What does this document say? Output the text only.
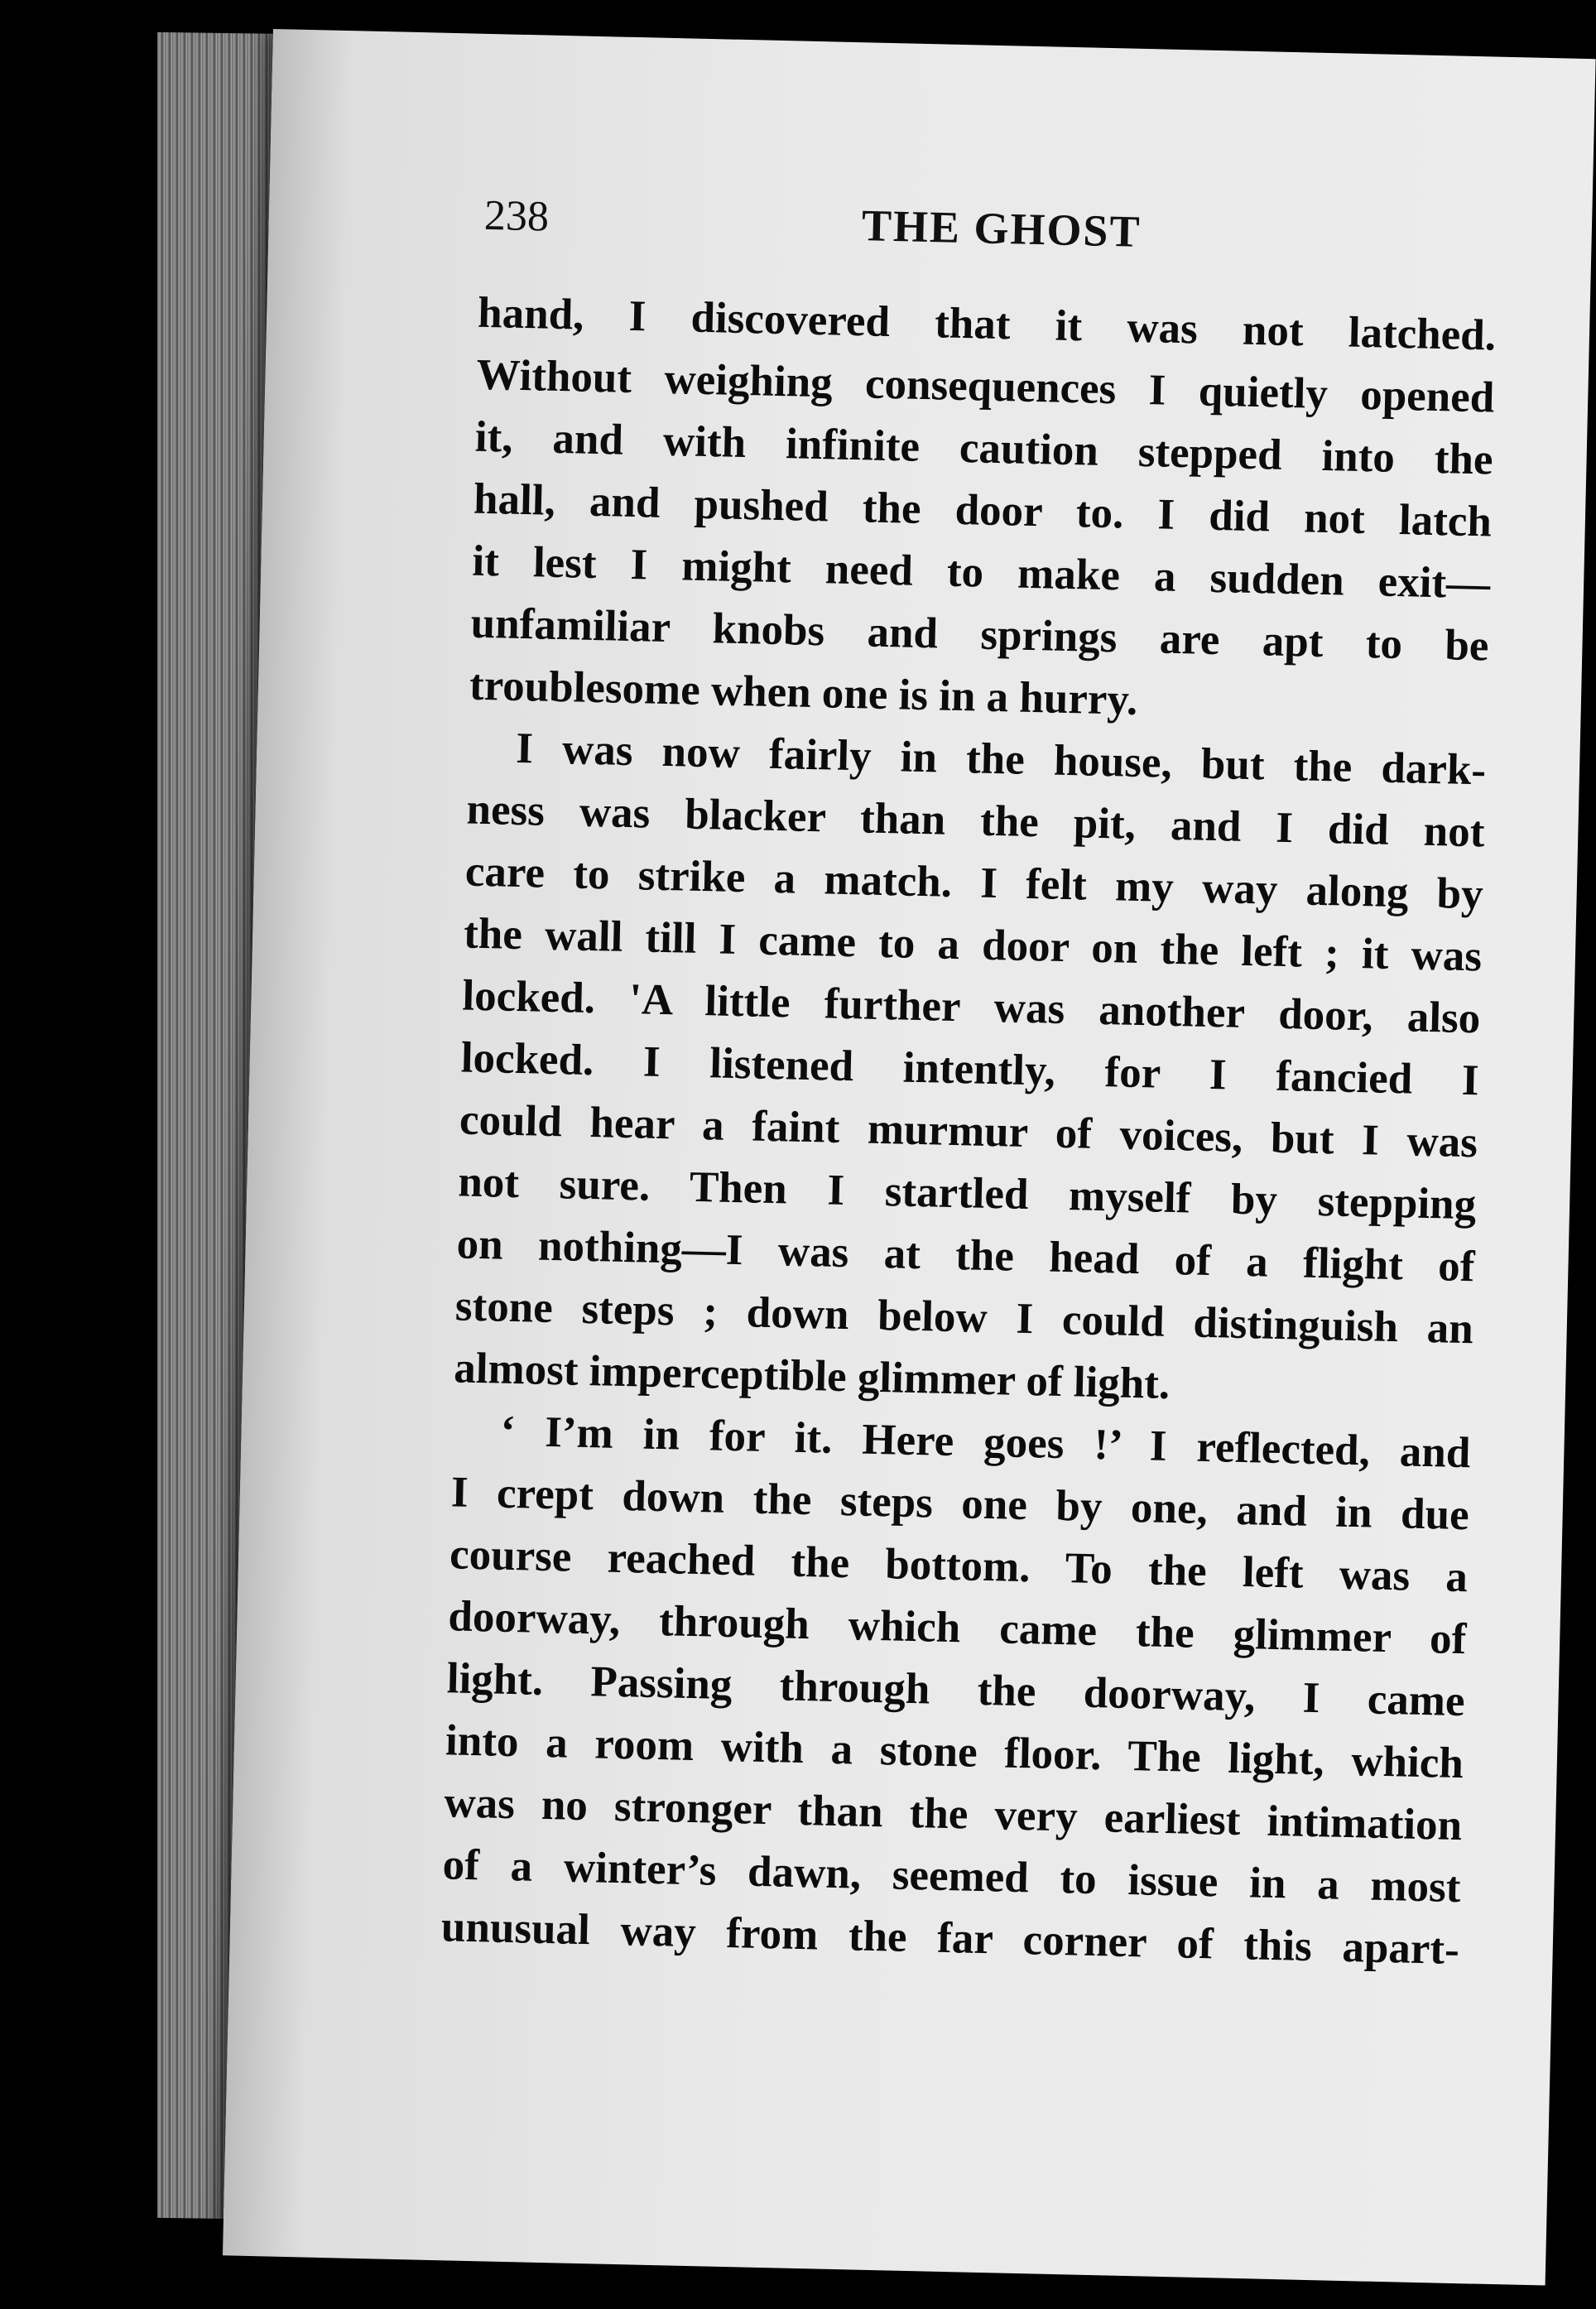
238	THE GHOST
hand, I discovered that it was not latched.
Without weighing consequences I quietly opened
it, and with infinite caution stepped into the
hall, and pushed the door to. I did not latch
it lest I might need to make a sudden exit—
unfamiliar knobs and springs are apt to be
troublesome when one is in a hurry.
I was now fairly in the house, but the dark-
ness was blacker than the pit, and I did not
care to strike a match. I felt my way along by
the wall till I came to a door on the left ; it was
locked. 'A little further was another door, also
locked. I listened intently, for I fancied I
could hear a faint murmur of voices, but I was
not sure. Then I startled myself by stepping
on nothing—I was at the head of a flight of
stone steps ; down below I could distinguish an
almost imperceptible glimmer of light.
‘ I’m in for it. Here goes !’ I reflected, and
I crept down the steps one by one, and in due
course reached the bottom. To the left was a
doorway, through which came the glimmer of
light. Passing through the doorway, I came
into a room with a stone floor. The light, which
was no stronger than the very earliest intimation
of a winter’s dawn, seemed to issue in a most
unusual way from the far corner of this apart-
